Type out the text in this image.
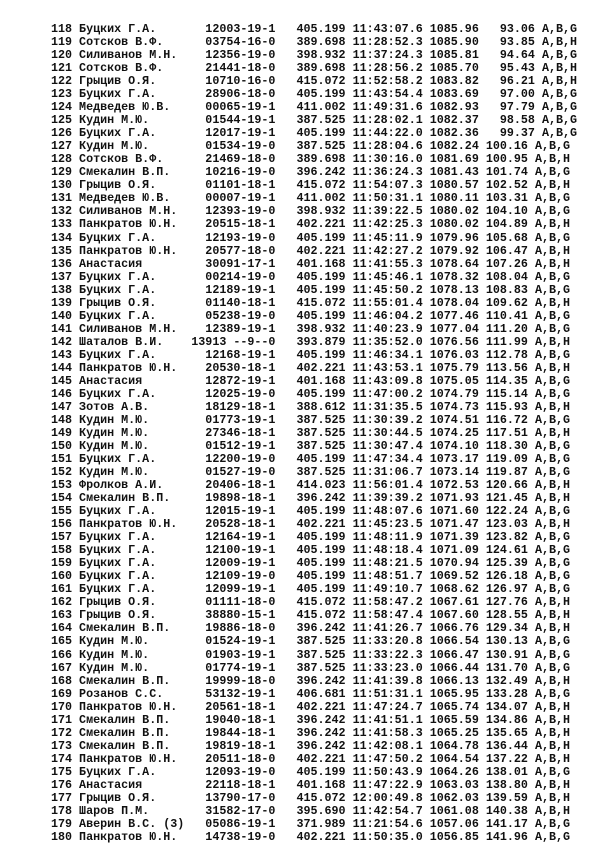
118 Буцких Г.А.       12003-19-1   405.199 11:43:07.6 1085.96   93.06 A,B,G
119 Сотсков В.Ф.      03754-16-0   389.698 11:28:52.3 1085.90   93.85 A,B,H
120 Силиванов М.Н.    12356-19-0   398.932 11:37:24.3 1085.81   94.64 A,B,G
121 Сотсков В.Ф.      21441-18-0   389.698 11:28:56.2 1085.70   95.43 A,B,H
122 Грыцив О.Я.       10710-16-0   415.072 11:52:58.2 1083.82   96.21 A,B,H
123 Буцких Г.А.       28906-18-0   405.199 11:43:54.4 1083.69   97.00 A,B,G
124 Медведев Ю.В.     00065-19-1   411.002 11:49:31.6 1082.93   97.79 A,B,G
125 Кудин М.Ю.        01544-19-1   387.525 11:28:02.1 1082.37   98.58 A,B,G
126 Буцких Г.А.       12017-19-1   405.199 11:44:22.0 1082.36   99.37 A,B,G
127 Кудин М.Ю.        01534-19-0   387.525 11:28:04.6 1082.24 100.16 A,B,G
128 Сотсков В.Ф.      21469-18-0   389.698 11:30:16.0 1081.69 100.95 A,B,H
129 Смекалин В.П.     10216-19-0   396.242 11:36:24.3 1081.43 101.74 A,B,G
130 Грыцив О.Я.       01101-18-1   415.072 11:54:07.3 1080.57 102.52 A,B,H
131 Медведев Ю.В.     00007-19-1   411.002 11:50:31.1 1080.11 103.31 A,B,G
132 Силиванов М.Н.    12393-19-0   398.932 11:39:22.5 1080.02 104.10 A,B,G
133 Панкратов Ю.Н.    20515-18-1   402.221 11:42:25.3 1080.02 104.89 A,B,H
134 Буцких Г.А.       12193-19-0   405.199 11:45:11.9 1079.96 105.68 A,B,G
135 Панкратов Ю.Н.    20577-18-0   402.221 11:42:27.2 1079.92 106.47 A,B,H
136 Анастасия         30091-17-1   401.168 11:41:55.3 1078.64 107.26 A,B,H
137 Буцких Г.А.       00214-19-0   405.199 11:45:46.1 1078.32 108.04 A,B,G
138 Буцких Г.А.       12189-19-1   405.199 11:45:50.2 1078.13 108.83 A,B,G
139 Грыцив О.Я.       01140-18-1   415.072 11:55:01.4 1078.04 109.62 A,B,H
140 Буцких Г.А.       05238-19-0   405.199 11:46:04.2 1077.46 110.41 A,B,G
141 Силиванов М.Н.    12389-19-1   398.932 11:40:23.9 1077.04 111.20 A,B,G
142 Шаталов В.И.    13913 --9--0   393.879 11:35:52.0 1076.56 111.99 A,B,H
143 Буцких Г.А.       12168-19-1   405.199 11:46:34.1 1076.03 112.78 A,B,G
144 Панкратов Ю.Н.    20530-18-1   402.221 11:43:53.1 1075.79 113.56 A,B,H
145 Анастасия         12872-19-1   401.168 11:43:09.8 1075.05 114.35 A,B,G
146 Буцких Г.А.       12025-19-0   405.199 11:47:00.2 1074.79 115.14 A,B,G
147 Зотов А.В.        18129-18-1   388.612 11:31:35.5 1074.73 115.93 A,B,H
148 Кудин М.Ю.        01773-19-1   387.525 11:30:39.2 1074.51 116.72 A,B,G
149 Кудин М.Ю.        27346-18-1   387.525 11:30:44.5 1074.25 117.51 A,B,H
150 Кудин М.Ю.        01512-19-1   387.525 11:30:47.4 1074.10 118.30 A,B,G
151 Буцких Г.А.       12200-19-0   405.199 11:47:34.4 1073.17 119.09 A,B,G
152 Кудин М.Ю.        01527-19-0   387.525 11:31:06.7 1073.14 119.87 A,B,G
153 Фролков А.И.      20406-18-1   414.023 11:56:01.4 1072.53 120.66 A,B,H
154 Смекалин В.П.     19898-18-1   396.242 11:39:39.2 1071.93 121.45 A,B,H
155 Буцких Г.А.       12015-19-1   405.199 11:48:07.6 1071.60 122.24 A,B,G
156 Панкратов Ю.Н.    20528-18-1   402.221 11:45:23.5 1071.47 123.03 A,B,H
157 Буцких Г.А.       12164-19-1   405.199 11:48:11.9 1071.39 123.82 A,B,G
158 Буцких Г.А.       12100-19-1   405.199 11:48:18.4 1071.09 124.61 A,B,G
159 Буцких Г.А.       12009-19-1   405.199 11:48:21.5 1070.94 125.39 A,B,G
160 Буцких Г.А.       12109-19-0   405.199 11:48:51.7 1069.52 126.18 A,B,G
161 Буцких Г.А.       12099-19-1   405.199 11:49:10.7 1068.62 126.97 A,B,G
162 Грыцив О.Я.       01111-18-0   415.072 11:58:47.2 1067.61 127.76 A,B,H
163 Грыцив О.Я.       38880-15-1   415.072 11:58:47.4 1067.60 128.55 A,B,H
164 Смекалин В.П.     19886-18-0   396.242 11:41:26.7 1066.76 129.34 A,B,H
165 Кудин М.Ю.        01524-19-1   387.525 11:33:20.8 1066.54 130.13 A,B,G
166 Кудин М.Ю.        01903-19-1   387.525 11:33:22.3 1066.47 130.91 A,B,G
167 Кудин М.Ю.        01774-19-1   387.525 11:33:23.0 1066.44 131.70 A,B,G
168 Смекалин В.П.     19999-18-0   396.242 11:41:39.8 1066.13 132.49 A,B,H
169 Розанов С.С.      53132-19-1   406.681 11:51:31.1 1065.95 133.28 A,B,G
170 Панкратов Ю.Н.    20561-18-1   402.221 11:47:24.7 1065.74 134.07 A,B,H
171 Смекалин В.П.     19040-18-1   396.242 11:41:51.1 1065.59 134.86 A,B,H
172 Смекалин В.П.     19844-18-1   396.242 11:41:58.3 1065.25 135.65 A,B,H
173 Смекалин В.П.     19819-18-1   396.242 11:42:08.1 1064.78 136.44 A,B,H
174 Панкратов Ю.Н.    20511-18-0   402.221 11:47:50.2 1064.54 137.22 A,B,H
175 Буцких Г.А.       12093-19-0   405.199 11:50:43.9 1064.26 138.01 A,B,G
176 Анастасия         22118-18-1   401.168 11:47:22.9 1063.03 138.80 A,B,H
177 Грыцив О.Я.       13790-17-0   415.072 12:00:49.8 1062.03 139.59 A,B,H
178 Шаров П.М.        31582-17-0   395.690 11:42:54.7 1061.08 140.38 A,B,H
179 Аверин В.С. (3)   05086-19-1   371.989 11:21:54.6 1057.06 141.17 A,B,G
180 Панкратов Ю.Н.    14738-19-0   402.221 11:50:35.0 1056.85 141.96 A,B,G
